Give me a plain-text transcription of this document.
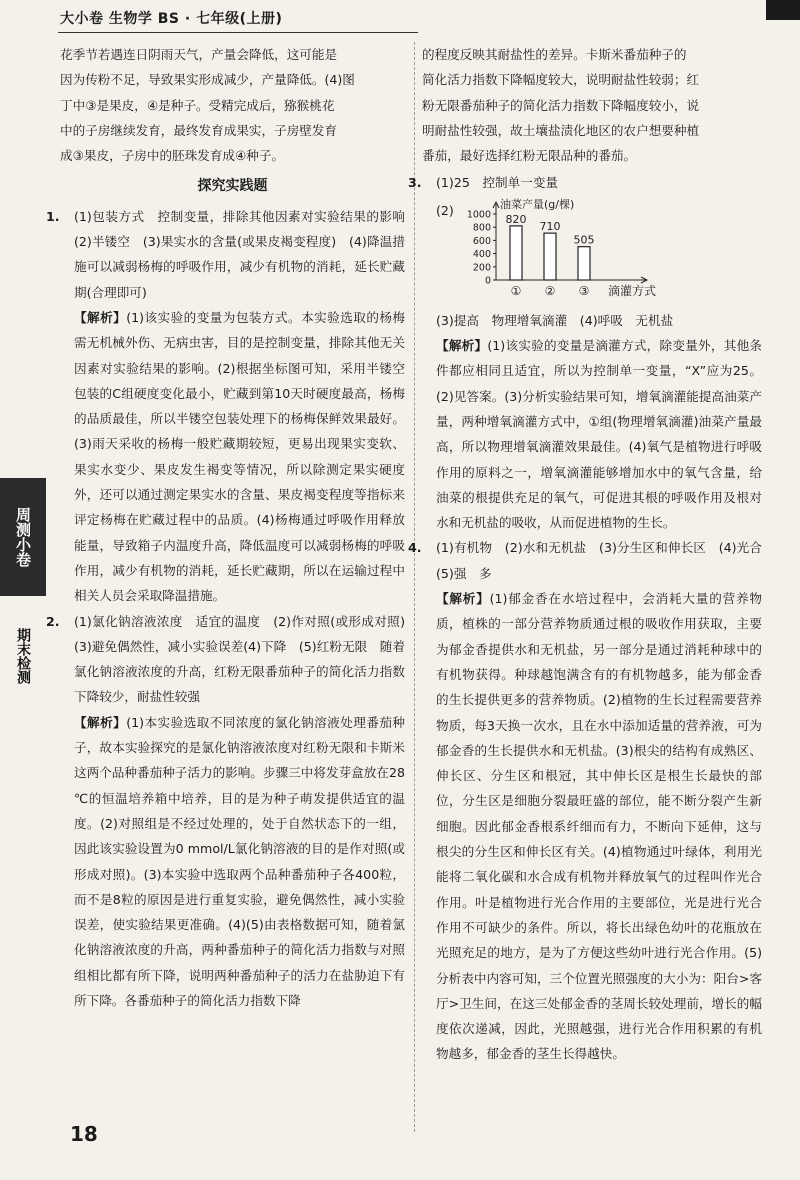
大小卷 生物学 BS · 七年级(上册)
周测小卷
期末检测
花季节若遇连日阴雨天气，产量会降低，这可能是
因为传粉不足，导致果实形成减少，产量降低。(4)图
丁中③是果皮，④是种子。受精完成后，猕猴桃花
中的子房继续发育，最终发育成果实，子房壁发育
成③果皮，子房中的胚珠发育成④种子。
探究实践题
1. (1)包装方式　控制变量，排除其他因素对实验结果的影响　(2)半镂空　(3)果实水的含量(或果皮褐变程度)　(4)降温措施可以减弱杨梅的呼吸作用，减少有机物的消耗，延长贮藏期(合理即可)
【解析】(1)该实验的变量为包装方式。本实验选取的杨梅需无机械外伤、无病虫害，目的是控制变量，排除其他无关因素对实验结果的影响。(2)根据坐标图可知，采用半镂空包装的C组硬度变化最小，贮藏到第10天时硬度最高，杨梅的品质最佳，所以半镂空包装处理下的杨梅保鲜效果最好。(3)雨天采收的杨梅一般贮藏期较短，更易出现果实变软、果实水变少、果皮发生褐变等情况，所以除测定果实硬度外，还可以通过测定果实水的含量、果皮褐变程度等指标来评定杨梅在贮藏过程中的品质。(4)杨梅通过呼吸作用释放能量，导致箱子内温度升高，降低温度可以减弱杨梅的呼吸作用，减少有机物的消耗，延长贮藏期，所以在运输过程中相关人员会采取降温措施。
2. (1)氯化钠溶液浓度　适宜的温度　(2)作对照(或形成对照)　(3)避免偶然性，减小实验误差(4)下降　(5)红粉无限　随着氯化钠溶液浓度的升高，红粉无限番茄种子的简化活力指数下降较少，耐盐性较强
【解析】(1)本实验选取不同浓度的氯化钠溶液处理番茄种子，故本实验探究的是氯化钠溶液浓度对红粉无限和卡斯米这两个品种番茄种子活力的影响。步骤三中将发芽盒放在28 ℃的恒温培养箱中培养，目的是为种子萌发提供适宜的温度。(2)对照组是不经过处理的，处于自然状态下的一组，因此该实验设置为0 mmol/L氯化钠溶液的目的是作对照(或形成对照)。(3)本实验中选取两个品种番茄种子各400粒，而不是8粒的原因是进行重复实验，避免偶然性，减小实验误差，使实验结果更准确。(4)(5)由表格数据可知，随着氯化钠溶液浓度的升高，两种番茄种子的简化活力指数与对照组相比都有所下降，说明两种番茄种子的活力在盐胁迫下有所下降。各番茄种子的简化活力指数下降
的程度反映其耐盐性的差异。卡斯米番茄种子的
简化活力指数下降幅度较大，说明耐盐性较弱；红
粉无限番茄种子的简化活力指数下降幅度较小，说
明耐盐性较强，故土壤盐渍化地区的农户想要种植
番茄，最好选择红粉无限品种的番茄。
3. (1)25　控制单一变量
(2)	油菜产量(g/棵)
0
200
400
600
800
1000 820
①
710
②
505
③ 滴灌方式
(3)提高　物理增氧滴灌　(4)呼吸　无机盐
【解析】(1)该实验的变量是滴灌方式，除变量外，其他条件都应相同且适宜，所以为控制单一变量，“X”应为25。(2)见答案。(3)分析实验结果可知，增氧滴灌能提高油菜产量，两种增氧滴灌方式中，①组(物理增氧滴灌)油菜产量最高，所以物理增氧滴灌效果最佳。(4)氧气是植物进行呼吸作用的原料之一，增氧滴灌能够增加水中的氧气含量，给油菜的根提供充足的氧气，可促进其根的呼吸作用及根对水和无机盐的吸收，从而促进植物的生长。
4. (1)有机物　(2)水和无机盐　(3)分生区和伸长区　(4)光合　(5)强　多
【解析】(1)郁金香在水培过程中，会消耗大量的营养物质，植株的一部分营养物质通过根的吸收作用获取，主要为郁金香提供水和无机盐，另一部分是通过消耗种球中的有机物获得。种球越饱满含有的有机物越多，能为郁金香的生长提供更多的营养物质。(2)植物的生长过程需要营养物质，每3天换一次水，且在水中添加适量的营养液，可为郁金香的生长提供水和无机盐。(3)根尖的结构有成熟区、伸长区、分生区和根冠，其中伸长区是根生长最快的部位，分生区是细胞分裂最旺盛的部位，能不断分裂产生新细胞。因此郁金香根系纤细而有力，不断向下延伸，这与根尖的分生区和伸长区有关。(4)植物通过叶绿体，利用光能将二氧化碳和水合成有机物并释放氧气的过程叫作光合作用。叶是植物进行光合作用的主要部位，光是进行光合作用不可缺少的条件。所以，将长出绿色幼叶的花瓶放在光照充足的地方，是为了方便这些幼叶进行光合作用。(5)分析表中内容可知，三个位置光照强度的大小为：阳台>客厅>卫生间，在这三处郁金香的茎周长较处理前，增长的幅度依次递减，因此，光照越强，进行光合作用积累的有机物越多，郁金香的茎生长得越快。
18
